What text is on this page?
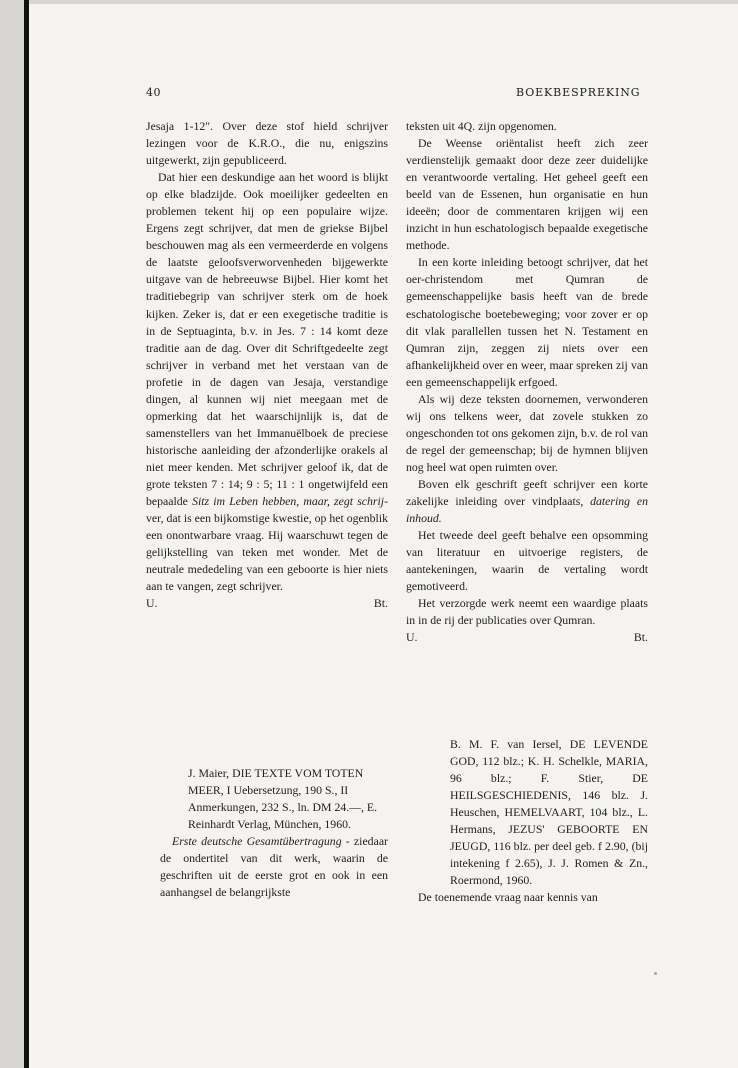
40	BOEKBESPREKING

Jesaja 1-12". Over deze stof hield schrijver lezingen voor de K.R.O., die nu, enigszins uitgewerkt, zijn gepubliceerd.

Dat hier een deskundige aan het woord is blijkt op elke bladzijde. Ook moeilijker gedeelten en problemen tekent hij op een populaire wijze. Ergens zegt schrijver, dat men de griekse Bijbel beschouwen mag als een vermeerderde en volgens de laatste geloofsverworvenheden bijgewerkte uitgave van de hebreeuwse Bijbel. Hier komt het traditiebegrip van schrijver sterk om de hoek kijken. Zeker is, dat er een exegetische traditie is in de Septuaginta, b.v. in Jes. 7 : 14 komt deze traditie aan de dag. Over dit Schriftgedeelte zegt schrijver in verband met het verstaan van de profetie in de dagen van Jesaja, verstandige dingen, al kunnen wij niet meegaan met de opmerking dat het waarschijnlijk is, dat de samenstellers van het Immanuëlboek de preciese historische aanleiding der afzonderlijke orakels al niet meer kenden. Met schrijver geloof ik, dat de grote teksten 7 : 14; 9 : 5; 11 : 1 ongetwijfeld een bepaalde Sitz im Leben hebben, maar, zegt schrij-ver, dat is een bijkomstige kwestie, op het ogenblik een onontwarbare vraag. Hij waarschuwt tegen de gelijkstelling van teken met wonder. Met de neutrale mededeling van een geboorte is hier niets aan te vangen, zegt schrijver.

U.	Bt.

J. Maier, DIE TEXTE VOM TOTEN MEER, I Uebersetzung, 190 S., II Anmerkungen, 232 S., ln. DM 24.—, E. Reinhardt Verlag, München, 1960.

Erste deutsche Gesamtübertragung - ziedaar de ondertitel van dit werk, waarin de geschriften uit de eerste grot en ook in een aanhangsel de belangrijkste

teksten uit 4Q. zijn opgenomen.

De Weense oriëntalist heeft zich zeer verdienstelijk gemaakt door deze zeer duidelijke en verantwoorde vertaling. Het geheel geeft een beeld van de Essenen, hun organisatie en hun ideeën; door de commentaren krijgen wij een inzicht in hun eschatologisch bepaalde exegetische methode.

In een korte inleiding betoogt schrijver, dat het oer-christendom met Qumran de gemeenschappelijke basis heeft van de brede eschatologische boetebeweging; voor zover er op dit vlak parallellen tussen het N. Testament en Qumran zijn, zeggen zij niets over een afhankelijkheid over en weer, maar spreken zij van een gemeenschappelijk erfgoed.

Als wij deze teksten doornemen, verwonderen wij ons telkens weer, dat zovele stukken zo ongeschonden tot ons gekomen zijn, b.v. de rol van de regel der gemeenschap; bij de hymnen blijven nog heel wat open ruimten over.

Boven elk geschrift geeft schrijver een korte zakelijke inleiding over vindplaats, datering en inhoud.

Het tweede deel geeft behalve een opsomming van literatuur en uitvoerige registers, de aantekeningen, waarin de vertaling wordt gemotiveerd.

Het verzorgde werk neemt een waardige plaats in in de rij der publicaties over Qumran.

U.	Bt.

B. M. F. van Iersel, DE LEVENDE GOD, 112 blz.; K. H. Schelkle, MARIA, 96 blz.; F. Stier, DE HEILSGESCHIEDENIS, 146 blz. J. Heuschen, HEMELVAART, 104 blz., L. Hermans, JEZUS' GEBOORTE EN JEUGD, 116 blz. per deel geb. f 2.90, (bij intekening f 2.65), J. J. Romen & Zn., Roermond, 1960.

De toenemende vraag naar kennis van
